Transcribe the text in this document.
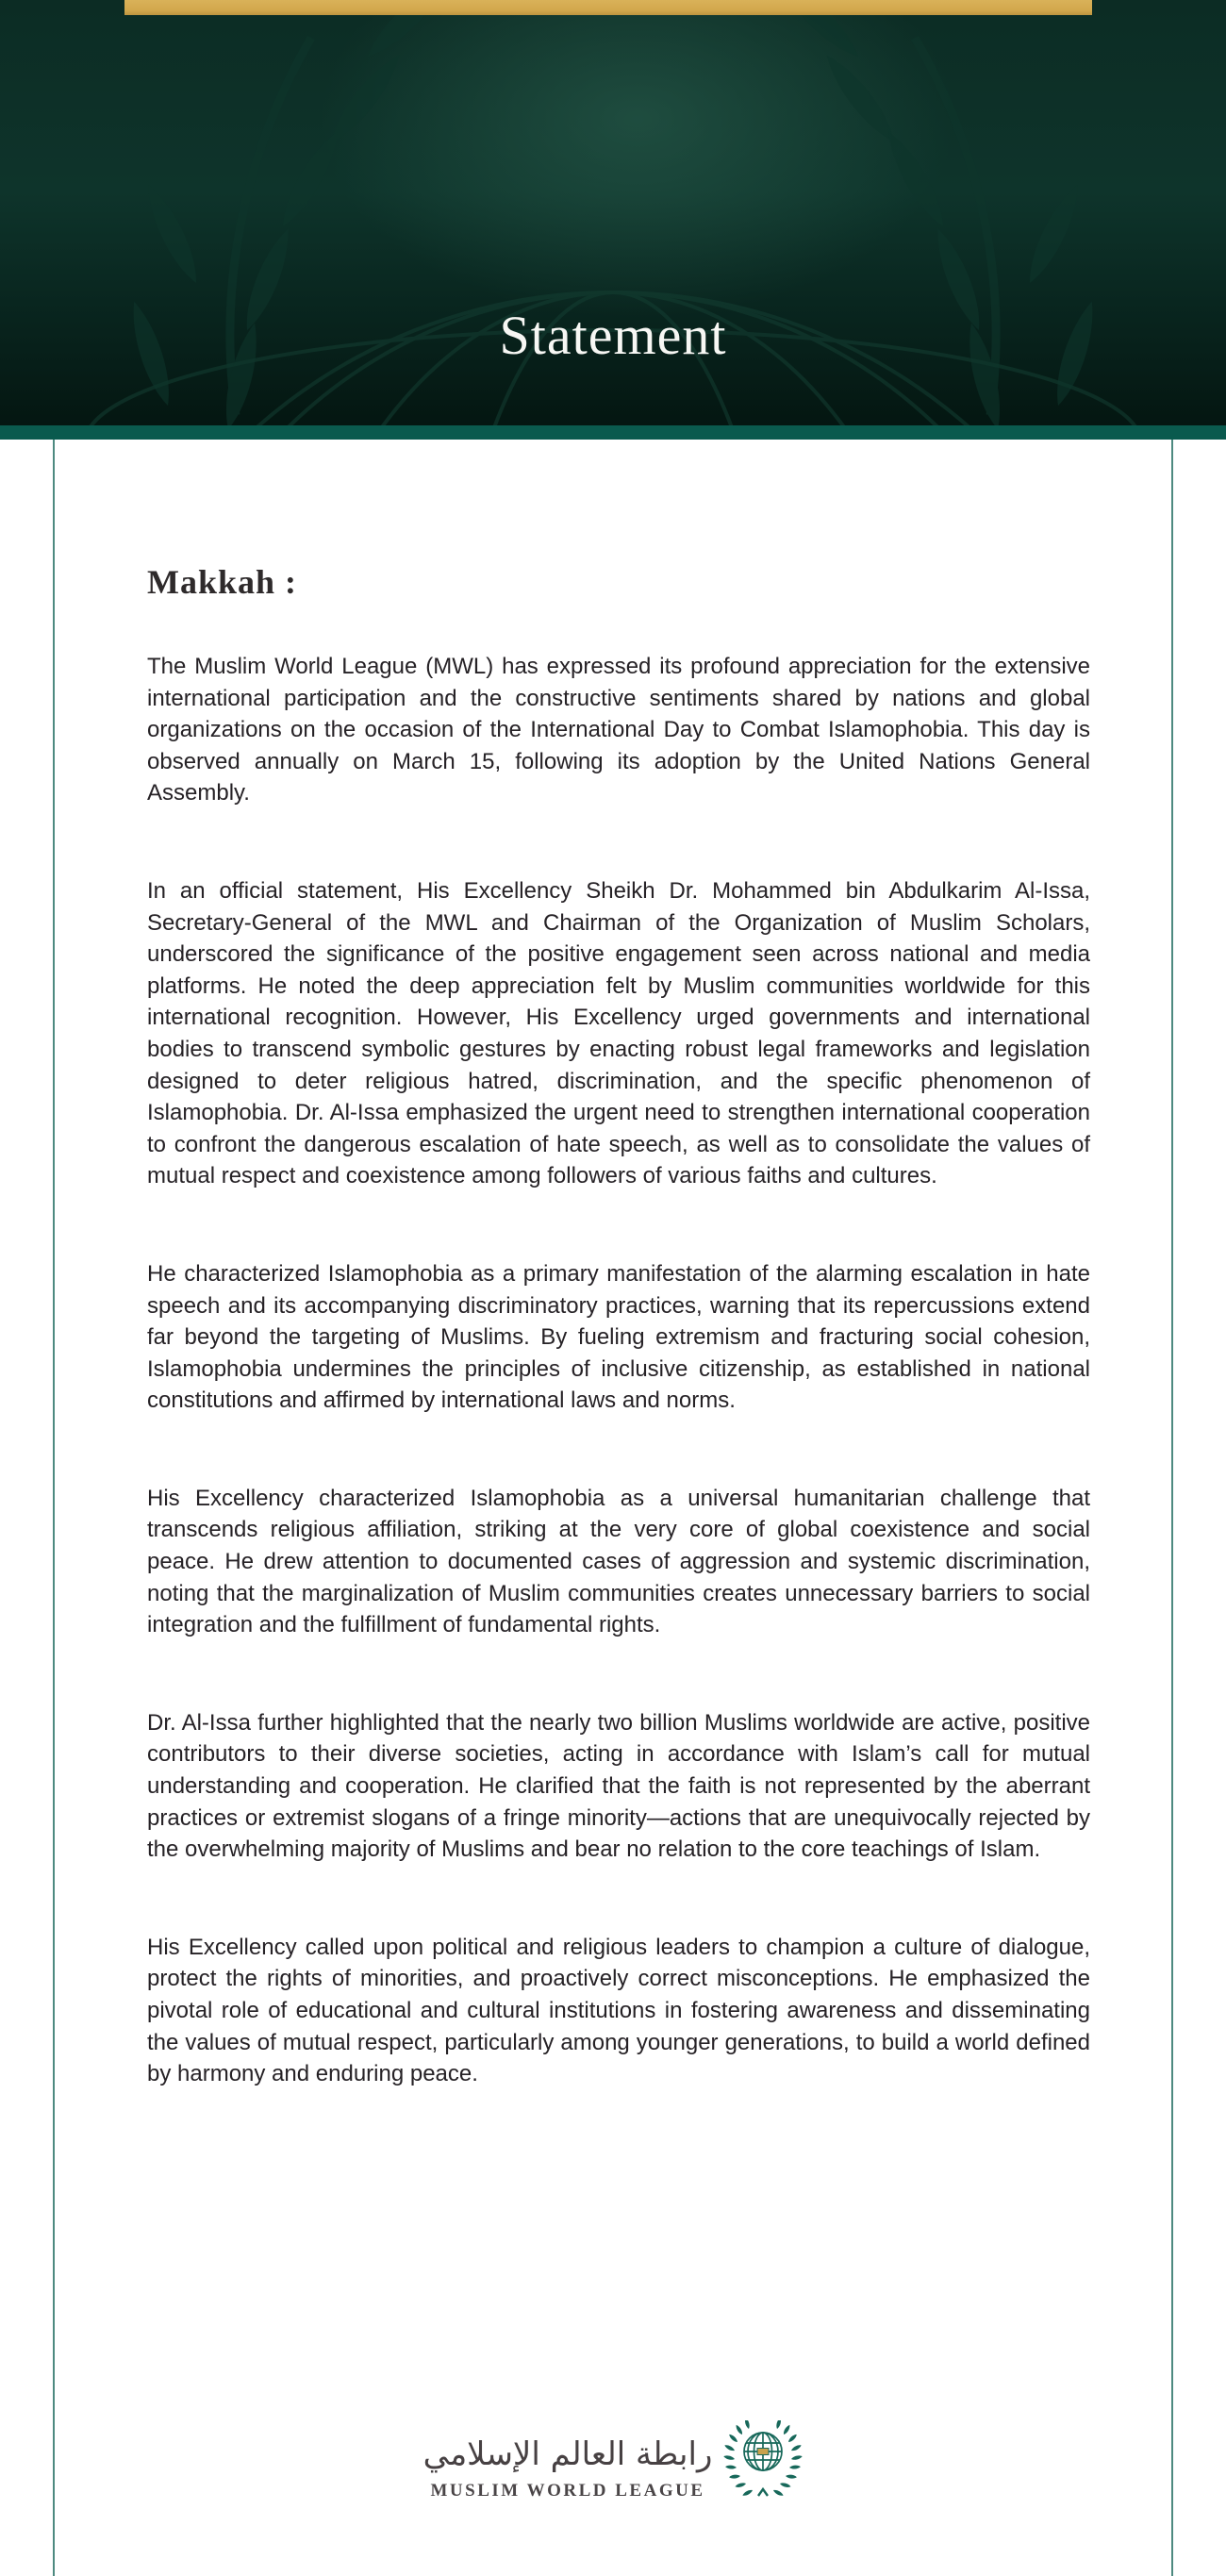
Statement
Makkah :

The Muslim World League (MWL) has expressed its profound appreciation for the extensive international participation and the constructive sentiments shared by nations and global organizations on the occasion of the International Day to Combat Islamophobia. This day is observed annually on March 15, following its adoption by the United Nations General Assembly.

In an official statement, His Excellency Sheikh Dr. Mohammed bin Abdulkarim Al-Issa, Secretary-General of the MWL and Chairman of the Organization of Muslim Scholars, underscored the significance of the positive engagement seen across national and media platforms. He noted the deep appreciation felt by Muslim communities worldwide for this international recognition. However, His Excellency urged governments and international bodies to transcend symbolic gestures by enacting robust legal frameworks and legislation designed to deter religious hatred, discrimination, and the specific phenomenon of Islamophobia. Dr. Al-Issa emphasized the urgent need to strengthen international cooperation to confront the dangerous escalation of hate speech, as well as to consolidate the values of mutual respect and coexistence among followers of various faiths and cultures.

He characterized Islamophobia as a primary manifestation of the alarming escalation in hate speech and its accompanying discriminatory practices, warning that its repercussions extend far beyond the targeting of Muslims. By fueling extremism and fracturing social cohesion, Islamophobia undermines the principles of inclusive citizenship, as established in national constitutions and affirmed by international laws and norms.

His Excellency characterized Islamophobia as a universal humanitarian challenge that transcends religious affiliation, striking at the very core of global coexistence and social peace. He drew attention to documented cases of aggression and systemic discrimination, noting that the marginalization of Muslim communities creates unnecessary barriers to social integration and the fulfillment of fundamental rights.

Dr. Al-Issa further highlighted that the nearly two billion Muslims worldwide are active, positive contributors to their diverse societies, acting in accordance with Islam’s call for mutual understanding and cooperation. He clarified that the faith is not represented by the aberrant practices or extremist slogans of a fringe minority—actions that are unequivocally rejected by the overwhelming majority of Muslims and bear no relation to the core teachings of Islam.

His Excellency called upon political and religious leaders to champion a culture of dialogue, protect the rights of minorities, and proactively correct misconceptions. He emphasized the pivotal role of educational and cultural institutions in fostering awareness and disseminating the values of mutual respect, particularly among younger generations, to build a world defined by harmony and enduring peace.

رابطة العالم الإسلامي
MUSLIM WORLD LEAGUE
